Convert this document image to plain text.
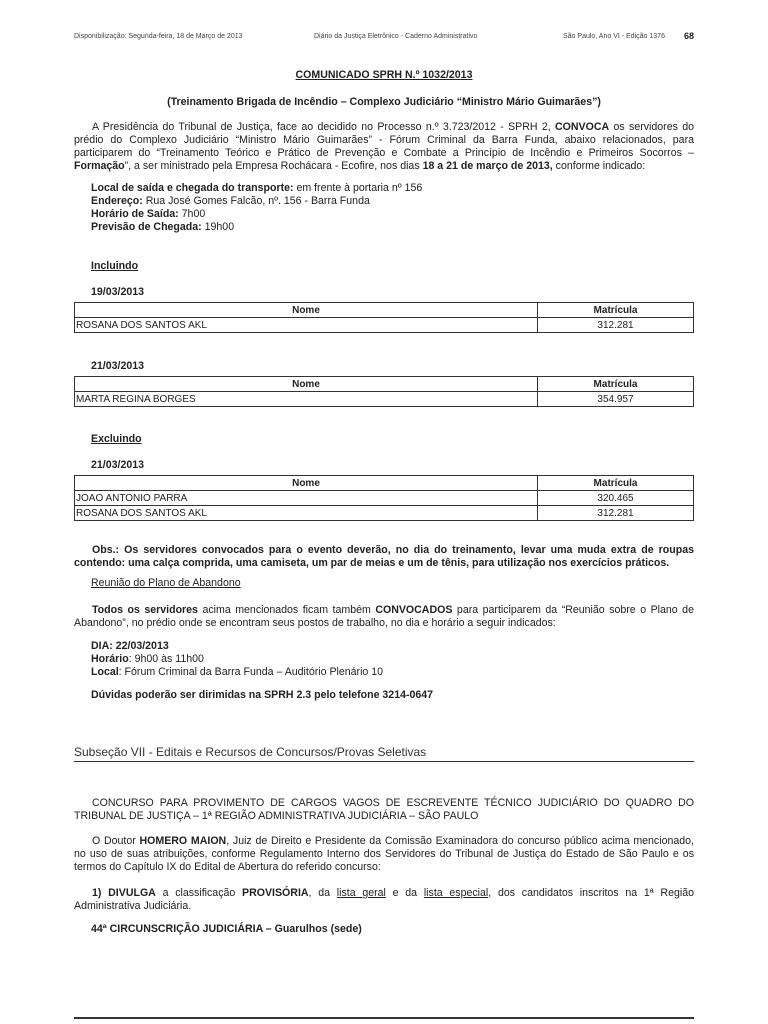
Disponibilização: Segunda-feira, 18 de Março de 2013	Diário da Justiça Eletrônico - Caderno Administrativo	São Paulo, Ano VI - Edição 1376 68
COMUNICADO SPRH N.º 1032/2013
(Treinamento Brigada de Incêndio – Complexo Judiciário “Ministro Mário Guimarães”)

A Presidência do Tribunal de Justiça, face ao decidido no Processo n.º 3.723/2012 - SPRH 2, CONVOCA os servidores do prédio do Complexo Judiciário “Ministro Mário Guimarães” - Fórum Criminal da Barra Funda, abaixo relacionados, para participarem do “Treinamento Teórico e Prático de Prevenção e Combate a Princípio de Incêndio e Primeiros Socorros – Formação”, a ser ministrado pela Empresa Rochácara - Ecofire, nos dias 18 a 21 de março de 2013, conforme indicado:

Local de saída e chegada do transporte: em frente à portaria nº 156
Endereço: Rua José Gomes Falcão, nº. 156 - Barra Funda
Horário de Saída: 7h00
Previsão de Chegada: 19h00
Incluindo
19/03/2013
Nome	Matrícula
ROSANA DOS SANTOS AKL	312.281
21/03/2013
Nome	Matrícula
MARTA REGINA BORGES	354.957
Excluindo
21/03/2013
Nome	Matrícula
JOAO ANTONIO PARRA	320.465
ROSANA DOS SANTOS AKL	312.281

Obs.: Os servidores convocados para o evento deverão, no dia do treinamento, levar uma muda extra de roupas contendo: uma calça comprida, uma camiseta, um par de meias e um de tênis, para utilização nos exercícios práticos.

Reunião do Plano de Abandono

Todos os servidores acima mencionados ficam também CONVOCADOS para participarem da “Reunião sobre o Plano de Abandono”, no prédio onde se encontram seus postos de trabalho, no dia e horário a seguir indicados:

DIA: 22/03/2013
Horário: 9h00 às 11h00
Local: Fórum Criminal da Barra Funda – Auditório Plenário 10
Dúvidas poderão ser dirimidas na SPRH 2.3 pelo telefone 3214-0647
Subseção VII - Editais e Recursos de Concursos/Provas Seletivas

CONCURSO PARA PROVIMENTO DE CARGOS VAGOS DE ESCREVENTE TÉCNICO JUDICIÁRIO DO QUADRO DO TRIBUNAL DE JUSTIÇA – 1ª REGIÃO ADMINISTRATIVA JUDICIÁRIA – SÃO PAULO

O Doutor HOMERO MAION, Juiz de Direito e Presidente da Comissão Examinadora do concurso público acima mencionado, no uso de suas atribuições, conforme Regulamento Interno dos Servidores do Tribunal de Justiça do Estado de São Paulo e os termos do Capítulo IX do Edital de Abertura do referido concurso:

1) DIVULGA a classificação PROVISÓRIA, da lista geral e da lista especial, dos candidatos inscritos na 1ª Região Administrativa Judiciária.

44ª CIRCUNSCRIÇÃO JUDICIÁRIA – Guarulhos (sede)
